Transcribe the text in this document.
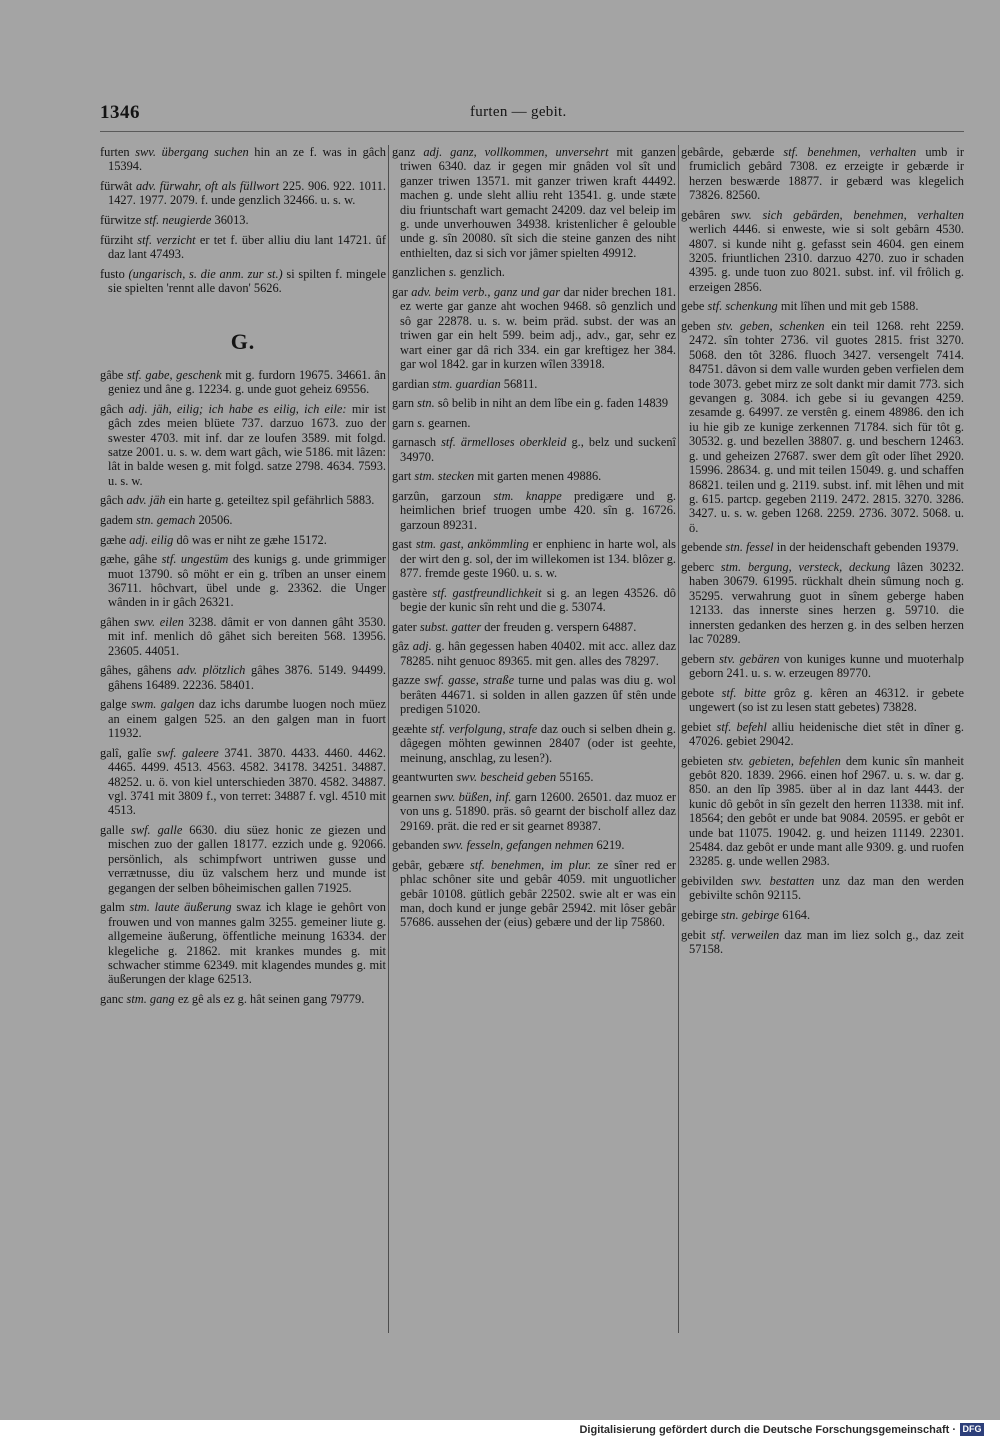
1346	furten — gebit.
furten swv. übergang suchen hin an ze f. was in gâch 15394.
fürwât adv. fürwahr, oft als füllwort 225. 906. 922. 1011. 1427. 1977. 2079. f. unde genzlich 32466. u. s. w.
fürwitze stf. neugierde 36013.
fürziht stf. verzicht er tet f. über alliu diu lant 14721. ûf daz lant 47493.
fusto (ungarisch, s. die anm. zur st.) si spilten f. mingele sie spielten 'rennt alle davon' 5626.
G.
gâbe stf. gabe, geschenk mit g. furdorn 19675. 34661. ân geniez und âne g. 12234. g. unde guot geheiz 69556.
gâch adj. jäh, eilig; ich habe es eilig, ich eile: mir ist gâch zdes meien blüete 737. darzuo 1673. zuo der swester 4703. mit inf. dar ze loufen 3589. mit folgd. satze 2001. u. s. w. dem wart gâch, wie 5186. mit lâzen: lât in balde wesen g. mit folgd. satze 2798. 4634. 7593. u. s. w.
gâch adv. jäh ein harte g. geteiltez spil gefährlich 5883.
gadem stn. gemach 20506.
gæhe adj. eilig dô was er niht ze gæhe 15172.
gæhe, gâhe stf. ungestüm des kunigs g. unde grimmiger muot 13790. sô möht er ein g. trîben an unser einem 36711. hôchvart, übel unde g. 23362. die Unger wânden in ir gâch 26321.
gâhen swv. eilen 3238. dâmit er von dannen gâht 3530. mit inf. menlich dô gâhet sich bereiten 568. 13956. 23605. 44051.
gâhes, gâhens adv. plötzlich gâhes 3876. 5149. 94499. gâhens 16489. 22236. 58401.
galge swm. galgen daz ichs darumbe luogen noch müez an einem galgen 525. an den galgen man in fuort 11932.
galî, galîe swf. galeere 3741. 3870. 4433. 4460. 4462. 4465. 4499. 4513. 4563. 4582. 34178. 34251. 34887. 48252. u. ö. von kiel unterschieden 3870. 4582. 34887. vgl. 3741 mit 3809 f., von terret: 34887 f. vgl. 4510 mit 4513.
galle swf. galle 6630. diu süez honic ze giezen und mischen zuo der gallen 18177. ezzich unde g. 92066. persönlich, als schimpfwort untriwen gusse und verrætnusse, diu üz valschem herz und munde ist gegangen der selben bôheimischen gallen 71925.
galm stm. laute äußerung swaz ich klage ie gehôrt von frouwen und von mannes galm 3255. gemeiner liute g. allgemeine äußerung, öffentliche meinung 16334. der klegeliche g. 21862. mit krankes mundes g. mit schwacher stimme 62349. mit klagendes mundes g. mit äußerungen der klage 62513.
ganc stm. gang ez gê als ez g. hât seinen gang 79779.
ganz adj. ganz, vollkommen, unversehrt mit ganzen triwen 6340. daz ir gegen mir gnâden vol sît und ganzer triwen 13571. mit ganzer triwen kraft 44492. machen g. unde sleht alliu reht 13541. g. unde stæte diu friuntschaft wart gemacht 24209. daz vel beleip im g. unde unverhouwen 34938. kristenlicher ê gelouble unde g. sîn 20080. sît sich die steine ganzen des niht enthielten, daz si sich vor jâmer spielten 49912.
ganzlichen s. genzlich.
gar adv. beim verb., ganz und gar dar nider brechen 181. ez werte gar ganze aht wochen 9468. sô genzlich und sô gar 22878. u. s. w. beim präd. subst. der was an triwen gar ein helt 599. beim adj., adv., gar, sehr ez wart einer gar dâ rich 334. ein gar kreftigez her 384. gar wol 1842. gar in kurzen wîlen 33918.
gardian stm. guardian 56811.
garn stn. sô belib in niht an dem lîbe ein g. faden 14839
garn s. gearnen.
garnasch stf. ärmelloses oberkleid g., belz und suckenî 34970.
gart stm. stecken mit garten menen 49886.
garzûn, garzoun stm. knappe predigære und g. heimlichen brief truogen umbe 420. sîn g. 16726. garzoun 89231.
gast stm. gast, ankömmling er enphienc in harte wol, als der wirt den g. sol, der im willekomen ist 134. blôzer g. 877. fremde geste 1960. u. s. w.
gastère stf. gastfreundlichkeit si g. an legen 43526. dô begie der kunic sîn reht und die g. 53074.
gater subst. gatter der freuden g. verspern 64887.
gâz adj. g. hân gegessen haben 40402. mit acc. allez daz 78285. niht genuoc 89365. mit gen. alles des 78297.
gazze swf. gasse, straße turne und palas was diu g. wol berâten 44671. si solden in allen gazzen ûf stên unde predigen 51020.
geæhte stf. verfolgung, strafe daz ouch si selben dhein g. dâgegen möhten gewinnen 28407 (oder ist geehte, meinung, anschlag, zu lesen?).
geantwurten swv. bescheid geben 55165.
gearnen swv. büßen, inf. garn 12600. 26501. daz muoz er von uns g. 51890. präs. sô gearnt der bischolf allez daz 29169. prät. die red er sit gearnet 89387.
gebanden swv. fesseln, gefangen nehmen 6219.
gebâr, gebære stf. benehmen, im plur. ze sîner red er phlac schôner site und gebâr 4059. mit unguotlicher gebâr 10108. gütlich gebâr 22502. swie alt er was ein man, doch kund er junge gebâr 25942. mit lôser gebâr 57686. aussehen der (eius) gebære und der lip 75860.
gebârde, gebærde stf. benehmen, verhalten umb ir frumiclich gebârd 7308. ez erzeigte ir gebærde ir herzen beswærde 18877. ir gebærd was klegelich 73826. 82560.
gebâren swv. sich gebärden, benehmen, verhalten werlich 4446. si enweste, wie si solt gebârn 4530. 4807. si kunde niht g. gefasst sein 4604. gen einem 3205. friuntlichen 2310. darzuo 4270. zuo ir schaden 4395. g. unde tuon zuo 8021. subst. inf. vil frôlich g. erzeigen 2856.
gebe stf. schenkung mit lîhen und mit geb 1588.
geben stv. geben, schenken ein teil 1268. reht 2259. 2472. sîn tohter 2736. vil guotes 2815. frist 3270. 5068. den tôt 3286. fluoch 3427. versengelt 7414. 84751. dâvon si dem valle wurden geben verfielen dem tode 3073. gebet mirz ze solt dankt mir damit 773. sich gevangen g. 3084. ich gebe si iu gevangen 4259. zesamde g. 64997. ze verstên g. einem 48986. den ich iu hie gib ze kunige zerkennen 71784. sich für tôt g. 30532. g. und bezellen 38807. g. und beschern 12463. g. und geheizen 27687. swer dem gît oder lîhet 2920. 15996. 28634. g. und mit teilen 15049. g. und schaffen 86821. teilen und g. 2119. subst. inf. mit lêhen und mit g. 615. partcp. gegeben 2119. 2472. 2815. 3270. 3286. 3427. u. s. w. geben 1268. 2259. 2736. 3072. 5068. u. ö.
gebende stn. fessel in der heidenschaft gebenden 19379.
geberc stm. bergung, versteck, deckung lâzen 30232. haben 30679. 61995. rückhalt dhein sûmung noch g. 35295. verwahrung guot in sînem geberge haben 12133. das innerste sines herzen g. 59710. die innersten gedanken des herzen g. in des selben herzen lac 70289.
gebern stv. gebären von kuniges kunne und muoterhalp geborn 241. u. s. w. erzeugen 89770.
gebote stf. bitte grôz g. kêren an 46312. ir gebete ungewert (so ist zu lesen statt gebetes) 73828.
gebiet stf. befehl alliu heidenische diet stêt in dîner g. 47026. gebiet 29042.
gebieten stv. gebieten, befehlen dem kunic sîn manheit gebôt 820. 1839. 2966. einen hof 2967. u. s. w. dar g. 850. an den lîp 3985. über al in daz lant 4443. der kunic dô gebôt in sîn gezelt den herren 11338. mit inf. 18564; den gebôt er unde bat 9084. 20595. er gebôt er unde bat 11075. 19042. g. und heizen 11149. 22301. 25484. daz gebôt er unde mant alle 9309. g. und ruofen 23285. g. unde wellen 2983.
gebivilden swv. bestatten unz daz man den werden gebivilte schôn 92115.
gebirge stn. gebirge 6164.
gebit stf. verweilen daz man im liez solch g., daz zeit 57158.
Digitalisierung gefördert durch die Deutsche Forschungsgemeinschaft · DFG
